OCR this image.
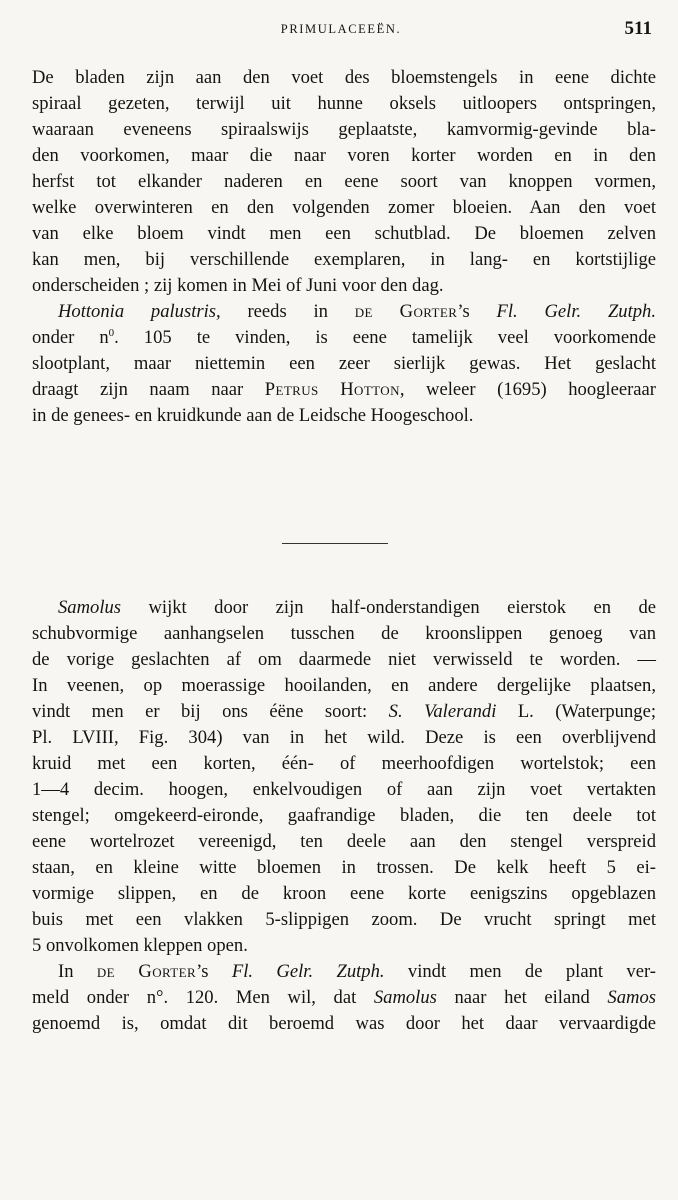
PRIMULACEEËN.	511
De bladen zijn aan den voet des bloemstengels in eene dichte
spiraal gezeten, terwijl uit hunne oksels uitloopers ontspringen,
waaraan eveneens spiraalswijs geplaatste, kamvormig-gevinde bla-
den voorkomen, maar die naar voren korter worden en in den
herfst tot elkander naderen en eene soort van knoppen vormen,
welke overwinteren en den volgenden zomer bloeien. Aan den voet
van elke bloem vindt men een schutblad. De bloemen zelven
kan men, bij verschillende exemplaren, in lang- en kortstijlige
onderscheiden ; zij komen in Mei of Juni voor den dag.
Hottonia palustris, reeds in de Gorter’s Fl. Gelr. Zutph.
onder $n^0$. 105 te vinden, is eene tamelijk veel voorkomende
slootplant, maar niettemin een zeer sierlijk gewas. Het geslacht
draagt zijn naam naar Petrus Hotton, weleer (1695) hoogleeraar
in de genees- en kruidkunde aan de Leidsche Hoogeschool.
Samolus wijkt door zijn half-onderstandigen eierstok en de
schubvormige aanhangselen tusschen de kroonslippen genoeg van
de vorige geslachten af om daarmede niet verwisseld te worden. —
In veenen, op moerassige hooilanden, en andere dergelijke plaatsen,
vindt men er bij ons éëne soort: S. Valerandi L. (Waterpunge;
Pl. LVIII, Fig. 304) van in het wild. Deze is een overblijvend
kruid met een korten, één- of meerhoofdigen wortelstok; een
1—4 decim. hoogen, enkelvoudigen of aan zijn voet vertakten
stengel; omgekeerd-eironde, gaafrandige bladen, die ten deele tot
eene wortelrozet vereenigd, ten deele aan den stengel verspreid
staan, en kleine witte bloemen in trossen. De kelk heeft 5 ei-
vormige slippen, en de kroon eene korte eenigszins opgeblazen
buis met een vlakken 5-slippigen zoom. De vrucht springt met
5 onvolkomen kleppen open.
In de Gorter’s Fl. Gelr. Zutph. vindt men de plant ver-
meld onder n°. 120. Men wil, dat Samolus naar het eiland Samos
genoemd is, omdat dit beroemd was door het daar vervaardigde
